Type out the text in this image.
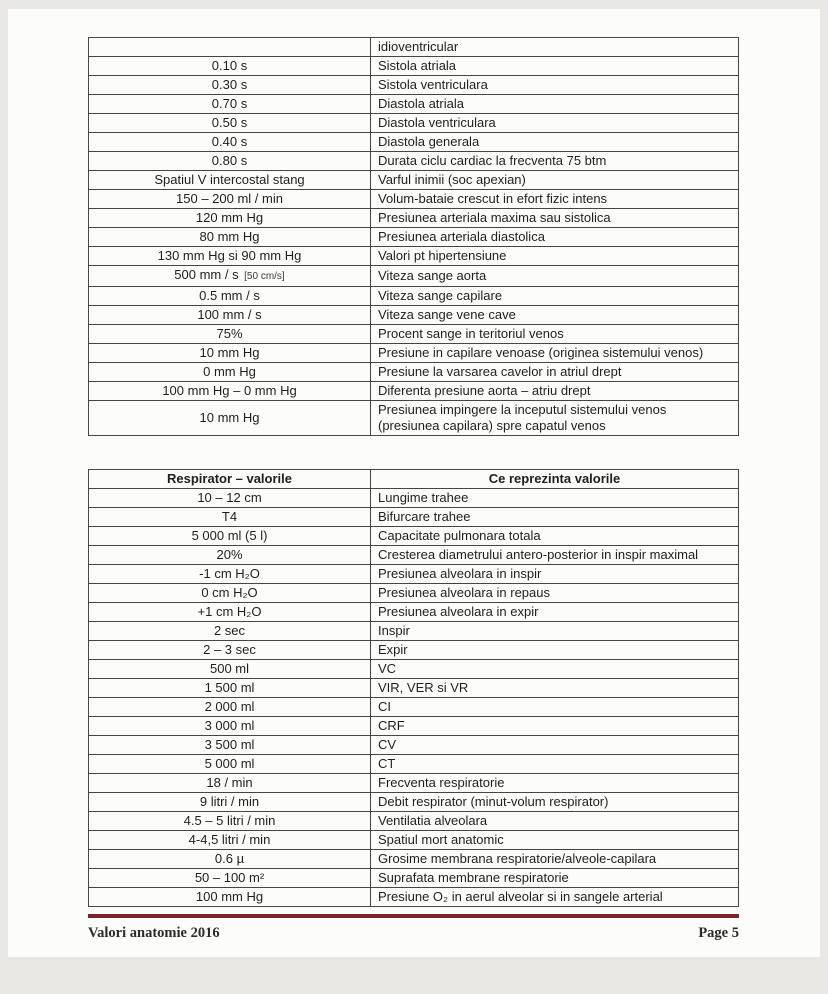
	idioventricular
0.10 s	Sistola atriala
0.30 s	Sistola ventriculara
0.70 s	Diastola atriala
0.50 s	Diastola ventriculara
0.40 s	Diastola generala
0.80 s	Durata ciclu cardiac la frecventa 75 btm
Spatiul V intercostal stang	Varful inimii (soc apexian)
150 – 200 ml / min	Volum-bataie crescut in efort fizic intens
120 mm Hg	Presiunea arteriala maxima sau sistolica
80 mm Hg	Presiunea arteriala diastolica
130 mm Hg si 90 mm Hg	Valori pt hipertensiune
500 mm / s  [50 cm/s]	Viteza sange aorta
0.5 mm / s	Viteza sange capilare
100 mm / s	Viteza sange vene cave
75%	Procent sange in teritoriul venos
10 mm Hg	Presiune in capilare venoase (originea sistemului venos)
0 mm Hg	Presiune la varsarea cavelor in atriul drept
100 mm Hg – 0 mm Hg	Diferenta presiune aorta – atriu drept
10 mm Hg	Presiunea impingere la inceputul sistemului venos (presiunea capilara) spre capatul venos
Respirator – valorile	Ce reprezinta valorile
10 – 12 cm	Lungime trahee
T4	Bifurcare trahee
5 000 ml (5 l)	Capacitate pulmonara totala
20%	Cresterea diametrului antero-posterior in inspir maximal
-1 cm H₂O	Presiunea alveolara in inspir
0 cm H₂O	Presiunea alveolara in repaus
+1 cm H₂O	Presiunea alveolara in expir
2 sec	Inspir
2 – 3 sec	Expir
500 ml	VC
1 500 ml	VIR, VER si VR
2 000 ml	CI
3 000 ml	CRF
3 500 ml	CV
5 000 ml	CT
18 / min	Frecventa respiratorie
9 litri / min	Debit respirator (minut-volum respirator)
4.5 – 5 litri / min	Ventilatia alveolara
4-4,5 litri / min	Spatiul mort anatomic
0.6 µ	Grosime membrana respiratorie/alveole-capilara
50 – 100 m²	Suprafata membrane respiratorie
100 mm Hg	Presiune O₂ in aerul alveolar si in sangele arterial
Valori anatomie 2016	Page 5
